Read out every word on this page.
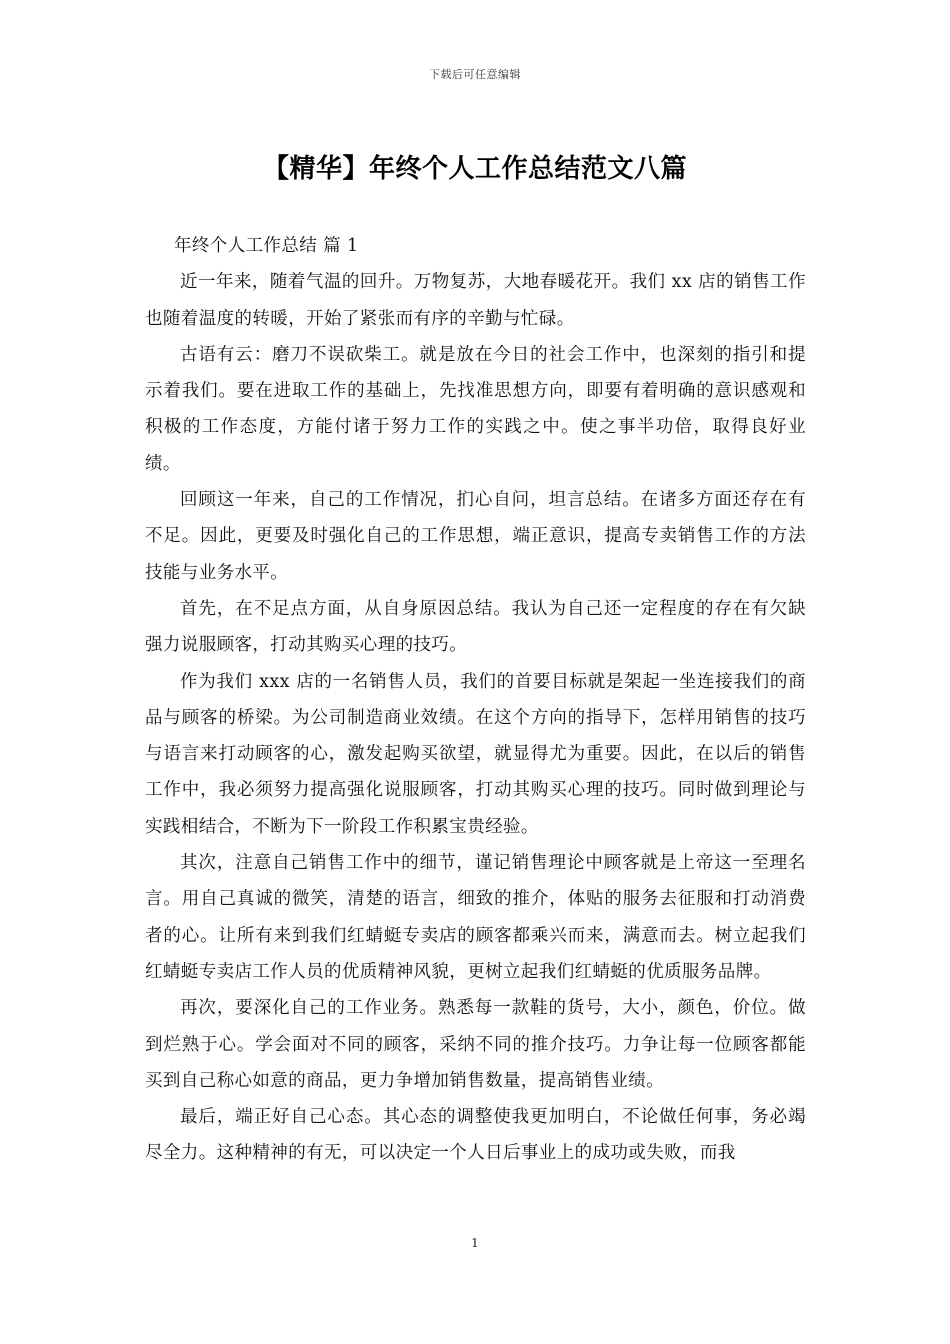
下载后可任意编辑
【精华】年终个人工作总结范文八篇

年终个人工作总结 篇 1

近一年来，随着气温的回升。万物复苏，大地春暖花开。我们 xx 店的销售工作也随着温度的转暖，开始了紧张而有序的辛勤与忙碌。

古语有云：磨刀不误砍柴工。就是放在今日的社会工作中，也深刻的指引和提示着我们。要在进取工作的基础上，先找准思想方向，即要有着明确的意识感观和积极的工作态度，方能付诸于努力工作的实践之中。使之事半功倍，取得良好业绩。

回顾这一年来，自己的工作情况，扪心自问，坦言总结。在诸多方面还存在有不足。因此，更要及时强化自己的工作思想，端正意识，提高专卖销售工作的方法技能与业务水平。

首先，在不足点方面，从自身原因总结。我认为自己还一定程度的存在有欠缺强力说服顾客，打动其购买心理的技巧。

作为我们 xxx 店的一名销售人员，我们的首要目标就是架起一坐连接我们的商品与顾客的桥梁。为公司制造商业效绩。在这个方向的指导下，怎样用销售的技巧与语言来打动顾客的心，激发起购买欲望，就显得尤为重要。因此，在以后的销售工作中，我必须努力提高强化说服顾客，打动其购买心理的技巧。同时做到理论与实践相结合，不断为下一阶段工作积累宝贵经验。

其次，注意自己销售工作中的细节，谨记销售理论中顾客就是上帝这一至理名言。用自己真诚的微笑，清楚的语言，细致的推介，体贴的服务去征服和打动消费者的心。让所有来到我们红蜻蜓专卖店的顾客都乘兴而来，满意而去。树立起我们红蜻蜓专卖店工作人员的优质精神风貌，更树立起我们红蜻蜓的优质服务品牌。

再次，要深化自己的工作业务。熟悉每一款鞋的货号，大小，颜色，价位。做到烂熟于心。学会面对不同的顾客，采纳不同的推介技巧。力争让每一位顾客都能买到自己称心如意的商品，更力争增加销售数量，提高销售业绩。

最后，端正好自己心态。其心态的调整使我更加明白，不论做任何事，务必竭尽全力。这种精神的有无，可以决定一个人日后事业上的成功或失败，而我

1
